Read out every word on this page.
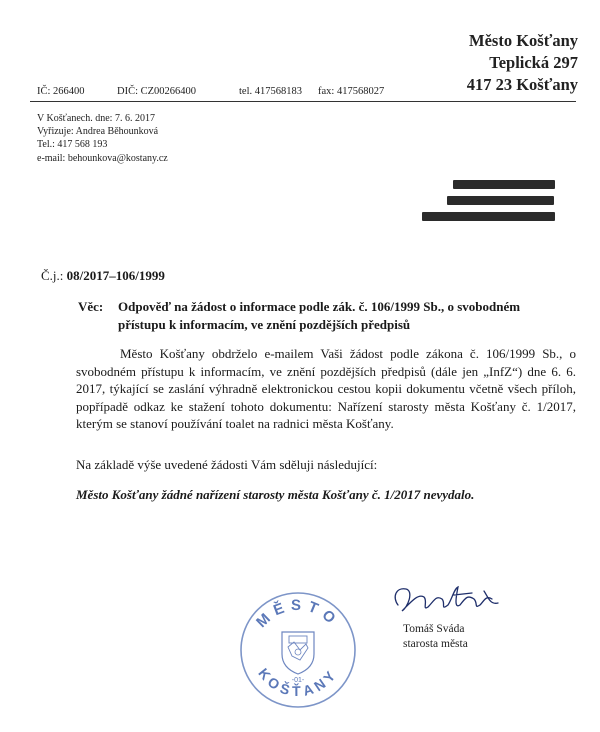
Město Košťany
Teplická 297
417 23 Košťany
IČ: 266400	DIČ: CZ00266400	tel. 417568183 fax: 417568027
V Košťanech. dne: 7. 6. 2017
Vyřizuje: Andrea Běhounková
Tel.: 417 568 193
e-mail: behounkova@kostany.cz
Č.j.: 08/2017–106/1999
Věc: Odpověď na žádost o informace podle zák. č. 106/1999 Sb., o svobodném
přístupu k informacím, ve znění pozdějších předpisů
Město Košťany obdrželo e-mailem Vaši žádost podle zákona č. 106/1999 Sb., o
svobodném přístupu k informacím, ve znění pozdějších předpisů (dále jen „InfZ“) dne 6. 6.
2017, týkající se zaslání výhradně elektronickou cestou kopii dokumentu včetně všech příloh,
popřípadě odkaz ke stažení tohoto dokumentu: Nařízení starosty města Košťany č. 1/2017,
kterým se stanoví používání toalet na radnici města Košťany.
Na základě výše uvedené žádosti Vám sděluji následující:
Město Košťany žádné nařízení starosty města Košťany č. 1/2017 nevydalo.
MĚSTO
KOŠŤANY
-01-
Tomáš Sváda
starosta města
